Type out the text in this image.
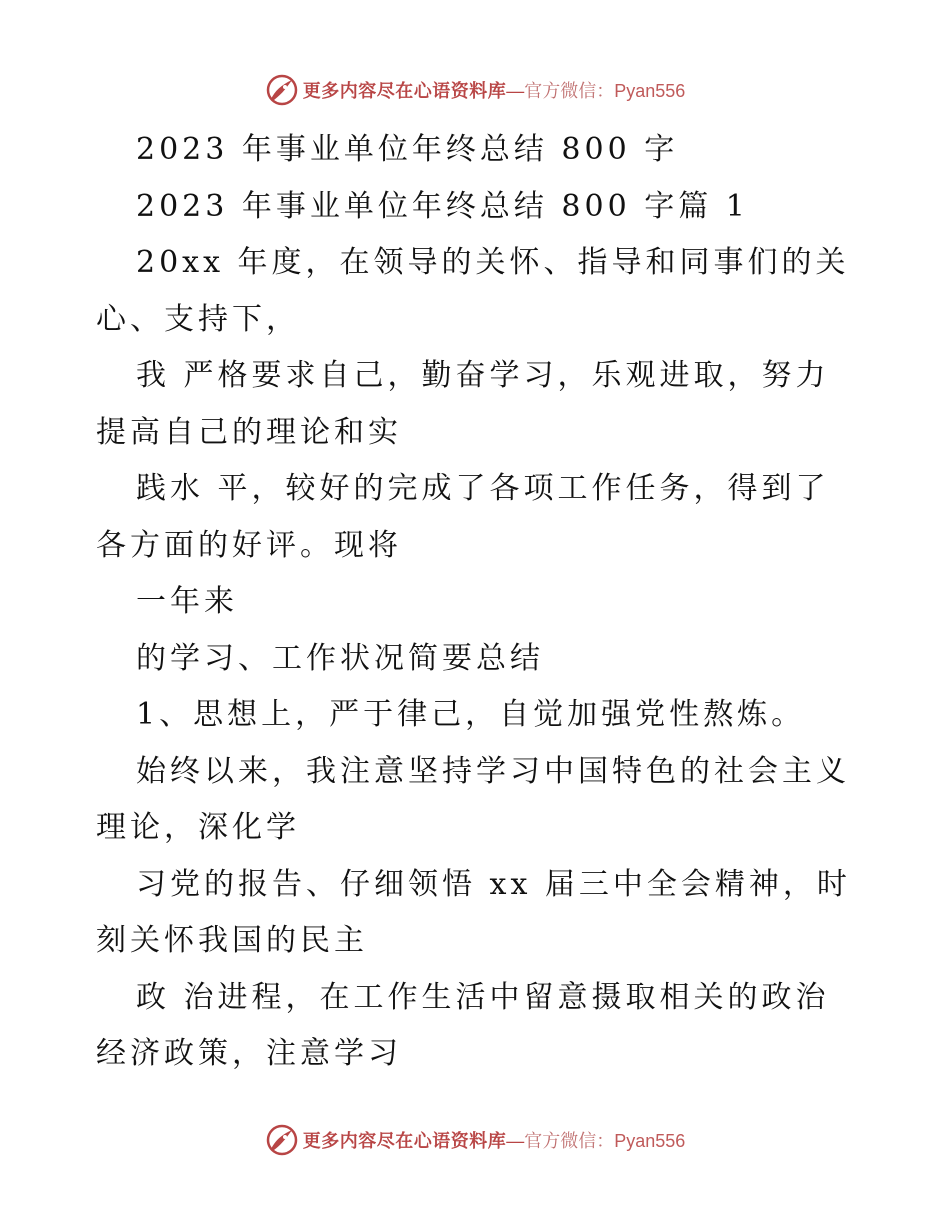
更多内容尽在心语资料库 — 官方微信： Pyan556
2023 年事业单位年终总结 800 字
2023 年事业单位年终总结 800 字篇 1
20xx 年度，在领导的关怀、指导和同事们的关
心、支持下，
我 严格要求自己，勤奋学习，乐观进取，努力
提高自己的理论和实
践水 平，较好的完成了各项工作任务，得到了
各方面的好评。现将
一年来
的学习、工作状况简要总结
1、思想上，严于律己，自觉加强党性熬炼。
始终以来，我注意坚持学习中国特色的社会主义
理论，深化学
习党的报告、仔细领悟 xx 届三中全会精神，时
刻关怀我国的民主
政 治进程，在工作生活中留意摄取相关的政治
经济政策，注意学习
更多内容尽在心语资料库 — 官方微信： Pyan556
